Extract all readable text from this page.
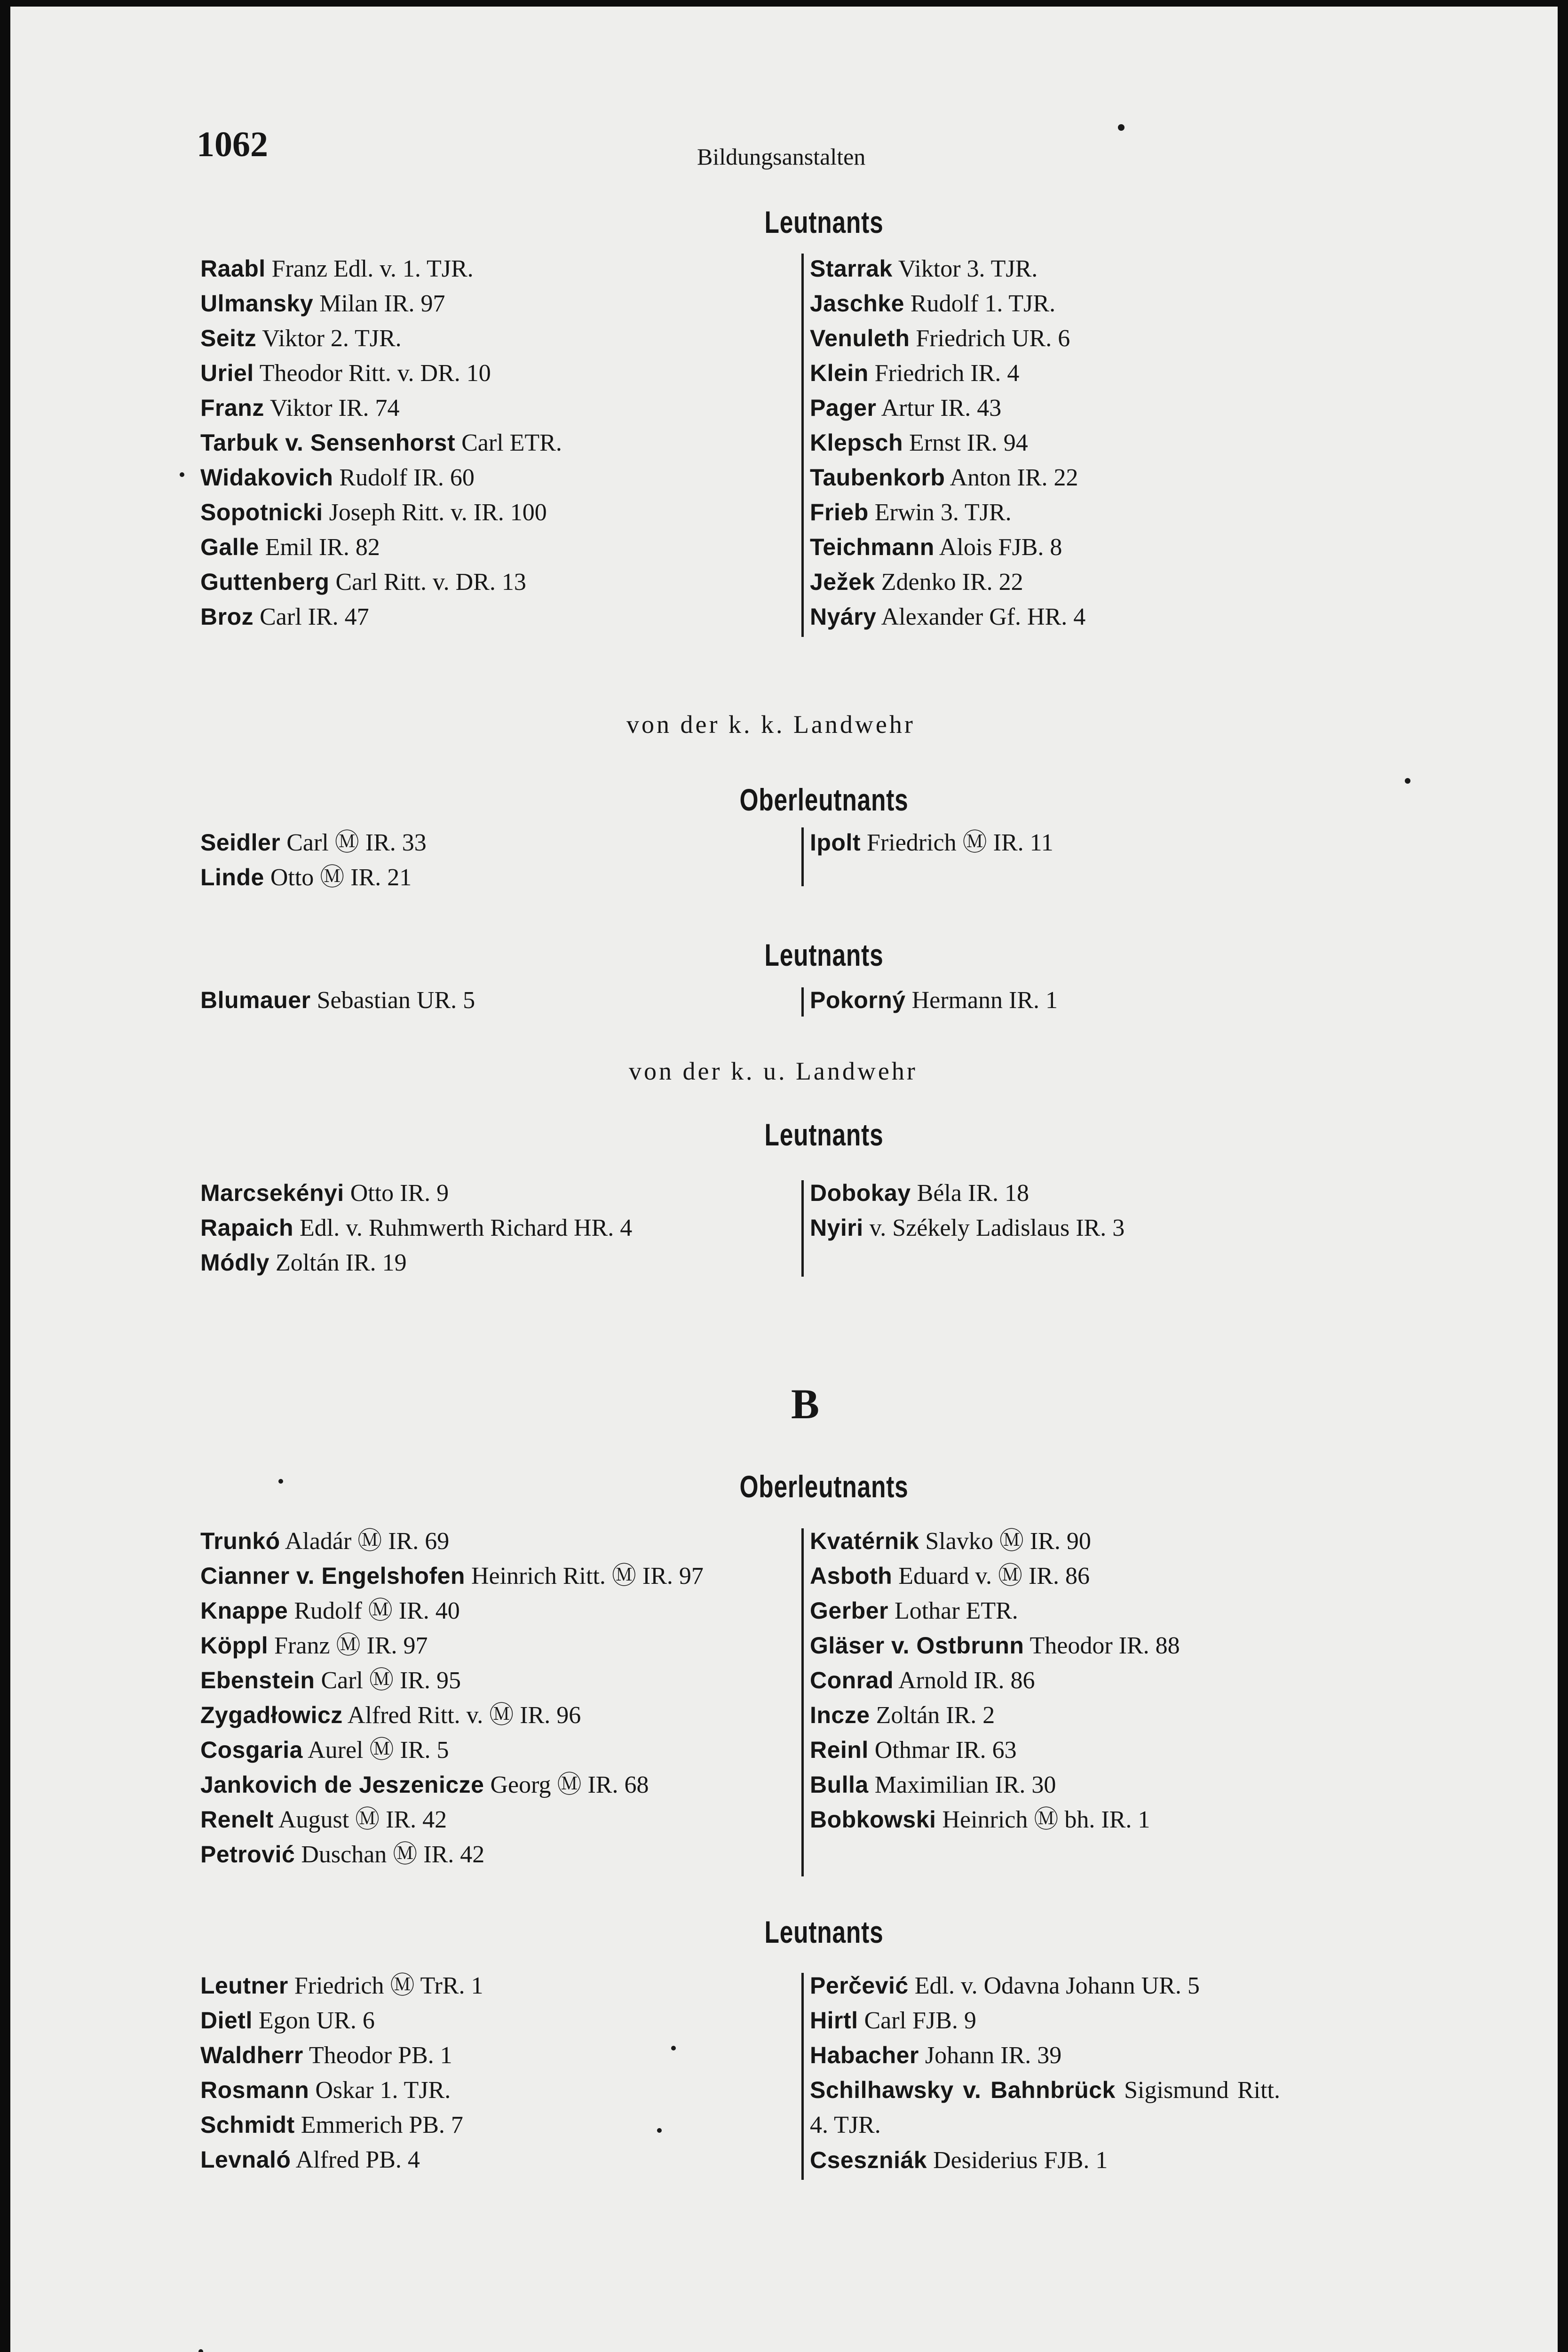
1062	Bildungsanstalten
Leutnants
Raabl Franz Edl. v. 1. TJR.
Ulmansky Milan IR. 97
Seitz Viktor 2. TJR.
Uriel Theodor Ritt. v. DR. 10
Franz Viktor IR. 74
Tarbuk v. Sensenhorst Carl ETR.
Widakovich Rudolf IR. 60
Sopotnicki Joseph Ritt. v. IR. 100
Galle Emil IR. 82
Guttenberg Carl Ritt. v. DR. 13
Broz Carl IR. 47
Starrak Viktor 3. TJR.
Jaschke Rudolf 1. TJR.
Venuleth Friedrich UR. 6
Klein Friedrich IR. 4
Pager Artur IR. 43
Klepsch Ernst IR. 94
Taubenkorb Anton IR. 22
Frieb Erwin 3. TJR.
Teichmann Alois FJB. 8
Ježek Zdenko IR. 22
Nyáry Alexander Gf. HR. 4
von der k. k. Landwehr
Oberleutnants
Seidler Carl Ⓜ IR. 33
Linde Otto Ⓜ IR. 21
Ipolt Friedrich Ⓜ IR. 11
Leutnants
Blumauer Sebastian UR. 5	Pokorný Hermann IR. 1
von der k. u. Landwehr
Leutnants
Marcsekényi Otto IR. 9
Rapaich Edl. v. Ruhmwerth Richard HR. 4
Módly Zoltán IR. 19
Dobokay Béla IR. 18
Nyiri v. Székely Ladislaus IR. 3
B
Oberleutnants
Trunkó Aladár Ⓜ IR. 69
Cianner v. Engelshofen Heinrich Ritt. Ⓜ IR. 97
Knappe Rudolf Ⓜ IR. 40
Köppl Franz Ⓜ IR. 97
Ebenstein Carl Ⓜ IR. 95
Zygadłowicz Alfred Ritt. v. Ⓜ IR. 96
Cosgaria Aurel Ⓜ IR. 5
Jankovich de Jeszenicze Georg Ⓜ IR. 68
Renelt August Ⓜ IR. 42
Petrović Duschan Ⓜ IR. 42
Kvatérnik Slavko Ⓜ IR. 90
Asboth Eduard v. Ⓜ IR. 86
Gerber Lothar ETR.
Gläser v. Ostbrunn Theodor IR. 88
Conrad Arnold IR. 86
Incze Zoltán IR. 2
Reinl Othmar IR. 63
Bulla Maximilian IR. 30
Bobkowski Heinrich Ⓜ bh. IR. 1
Leutnants
Leutner Friedrich Ⓜ TrR. 1
Dietl Egon UR. 6
Waldherr Theodor PB. 1
Rosmann Oskar 1. TJR.
Schmidt Emmerich PB. 7
Levnaló Alfred PB. 4
Perčević Edl. v. Odavna Johann UR. 5
Hirtl Carl FJB. 9
Habacher Johann IR. 39
Schilhawsky v. Bahnbrück Sigismund Ritt. 4. TJR.
Cseszniák Desiderius FJB. 1
